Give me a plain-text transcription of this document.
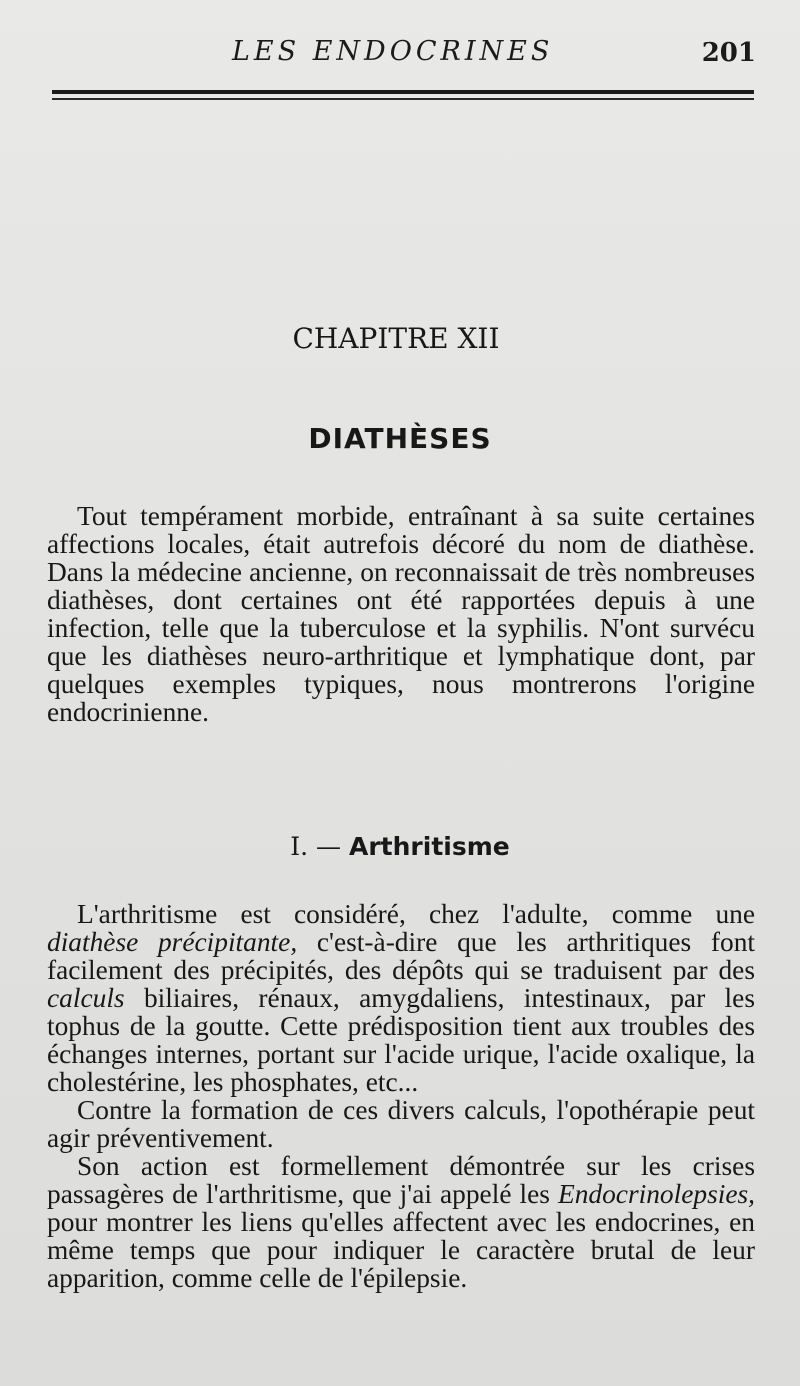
LES ENDOCRINES	201
CHAPITRE XII
DIATHÈSES

Tout tempérament morbide, entraînant à sa suite certaines affections locales, était autrefois décoré du nom de diathèse. Dans la médecine ancienne, on reconnaissait de très nombreuses diathèses, dont certaines ont été rapportées depuis à une infection, telle que la tuberculose et la syphilis. N'ont survécu que les diathèses neuro-arthritique et lymphatique dont, par quelques exemples typiques, nous montrerons l'origine endocrinienne.

I. — Arthritisme

L'arthritisme est considéré, chez l'adulte, comme une diathèse précipitante, c'est-à-dire que les arthritiques font facilement des précipités, des dépôts qui se traduisent par des calculs biliaires, rénaux, amygdaliens, intestinaux, par les tophus de la goutte. Cette prédisposition tient aux troubles des échanges internes, portant sur l'acide urique, l'acide oxalique, la cholestérine, les phosphates, etc...

Contre la formation de ces divers calculs, l'opothérapie peut agir préventivement.

Son action est formellement démontrée sur les crises passagères de l'arthritisme, que j'ai appelé les Endocrinolepsies, pour montrer les liens qu'elles affectent avec les endocrines, en même temps que pour indiquer le caractère brutal de leur apparition, comme celle de l'épilepsie.
